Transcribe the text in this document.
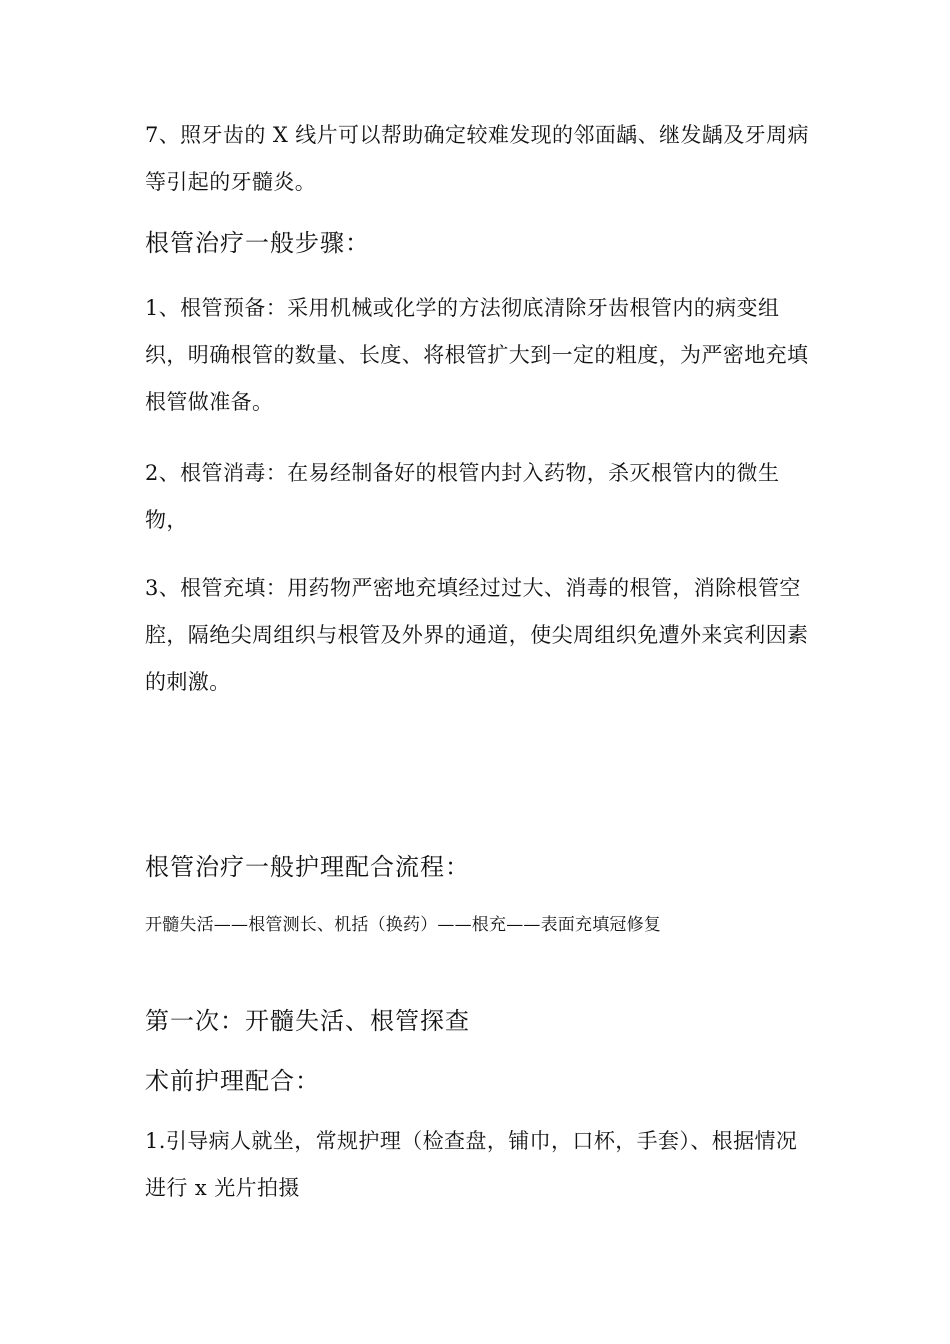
7、照牙齿的 X 线片可以帮助确定较难发现的邻面龋、继发龋及牙周病等引起的牙髓炎。

根管治疗一般步骤：

1、根管预备：采用机械或化学的方法彻底清除牙齿根管内的病变组织，明确根管的数量、长度、将根管扩大到一定的粗度，为严密地充填根管做准备。

2、根管消毒：在易经制备好的根管内封入药物，杀灭根管内的微生物，

3、根管充填：用药物严密地充填经过过大、消毒的根管，消除根管空腔，隔绝尖周组织与根管及外界的通道，使尖周组织免遭外来宾利因素的刺激。

根管治疗一般护理配合流程：

开髓失活——根管测长、机括（换药）——根充——表面充填冠修复

第一次：开髓失活、根管探查
术前护理配合：

1.引导病人就坐，常规护理（检查盘，铺巾，口杯，手套）、根据情况进行 x 光片拍摄
